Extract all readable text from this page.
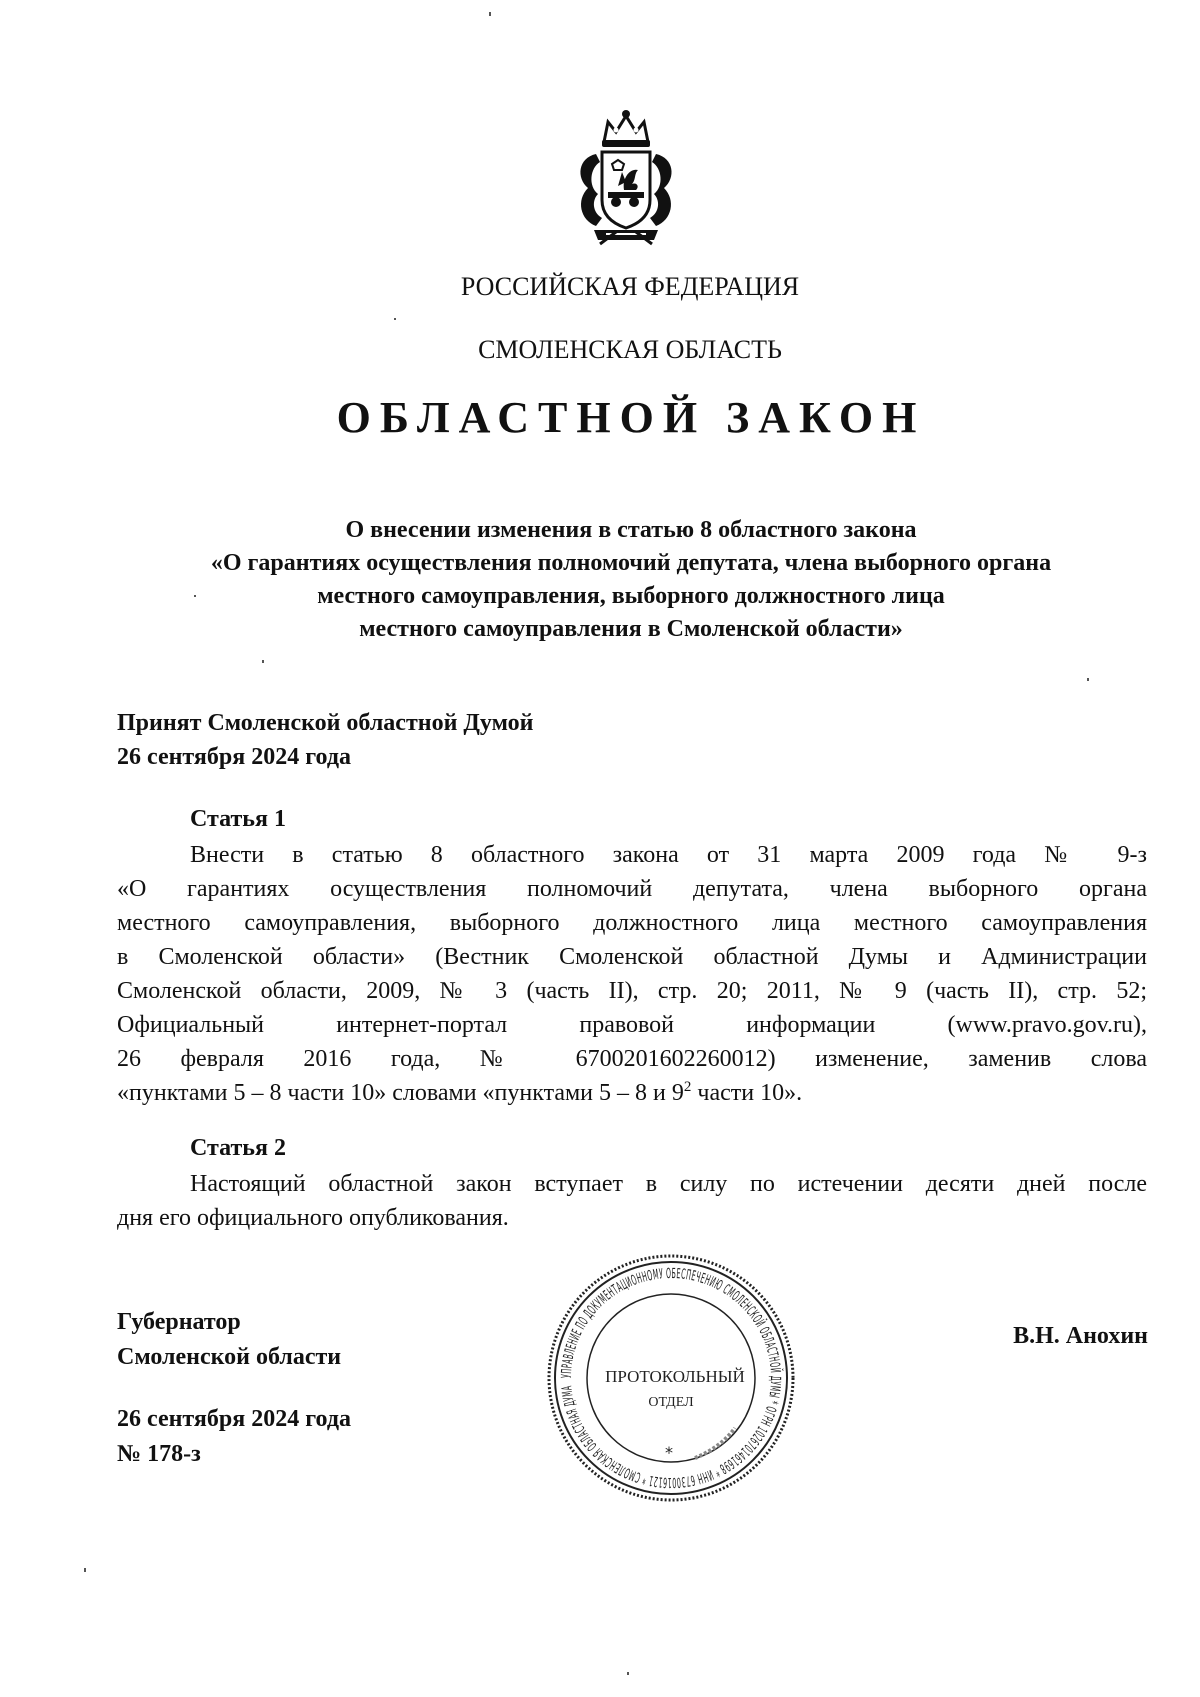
РОССИЙСКАЯ ФЕДЕРАЦИЯ
СМОЛЕНСКАЯ ОБЛАСТЬ
ОБЛАСТНОЙ ЗАКОН
О внесении изменения в статью 8 областного закона
«О гарантиях осуществления полномочий депутата, члена выборного органа
местного самоуправления, выборного должностного лица
местного самоуправления в Смоленской области»
Принят Смоленской областной Думой
26 сентября 2024 года
Статья 1
Внести в статью 8 областного закона от 31 марта 2009 года № 9-з
«О гарантиях осуществления полномочий депутата, члена выборного органа
местного самоуправления, выборного должностного лица местного самоуправления
в Смоленской области» (Вестник Смоленской областной Думы и Администрации
Смоленской области, 2009, № 3 (часть II), стр. 20; 2011, № 9 (часть II), стр. 52;
Официальный интернет-портал правовой информации (www.pravo.gov.ru),
26 февраля 2016 года, № 6700201602260012) изменение, заменив слова
«пунктами 5 – 8 части 10» словами «пунктами 5 – 8 и $9^2$ части 10».
Статья 2
Настоящий областной закон вступает в силу по истечении десяти дней после
дня его официального опубликования.
Губернатор
Смоленской области
В.Н. Анохин
26 сентября 2024 года
№ 178-з
УПРАВЛЕНИЕ ПО ДОКУМЕНТАЦИОННОМУ ОБЕСПЕЧЕНИЮ СМОЛЕНСКОЙ ОБЛАСТНОЙ ДУМЫ * ОГРН 1026701461698 * ИНН 6730016121 * СМОЛЕНСКАЯ ОБЛАСТНАЯ ДУМА	ПРОТОКОЛЬНЫЙ
ОТДЕЛ
*
